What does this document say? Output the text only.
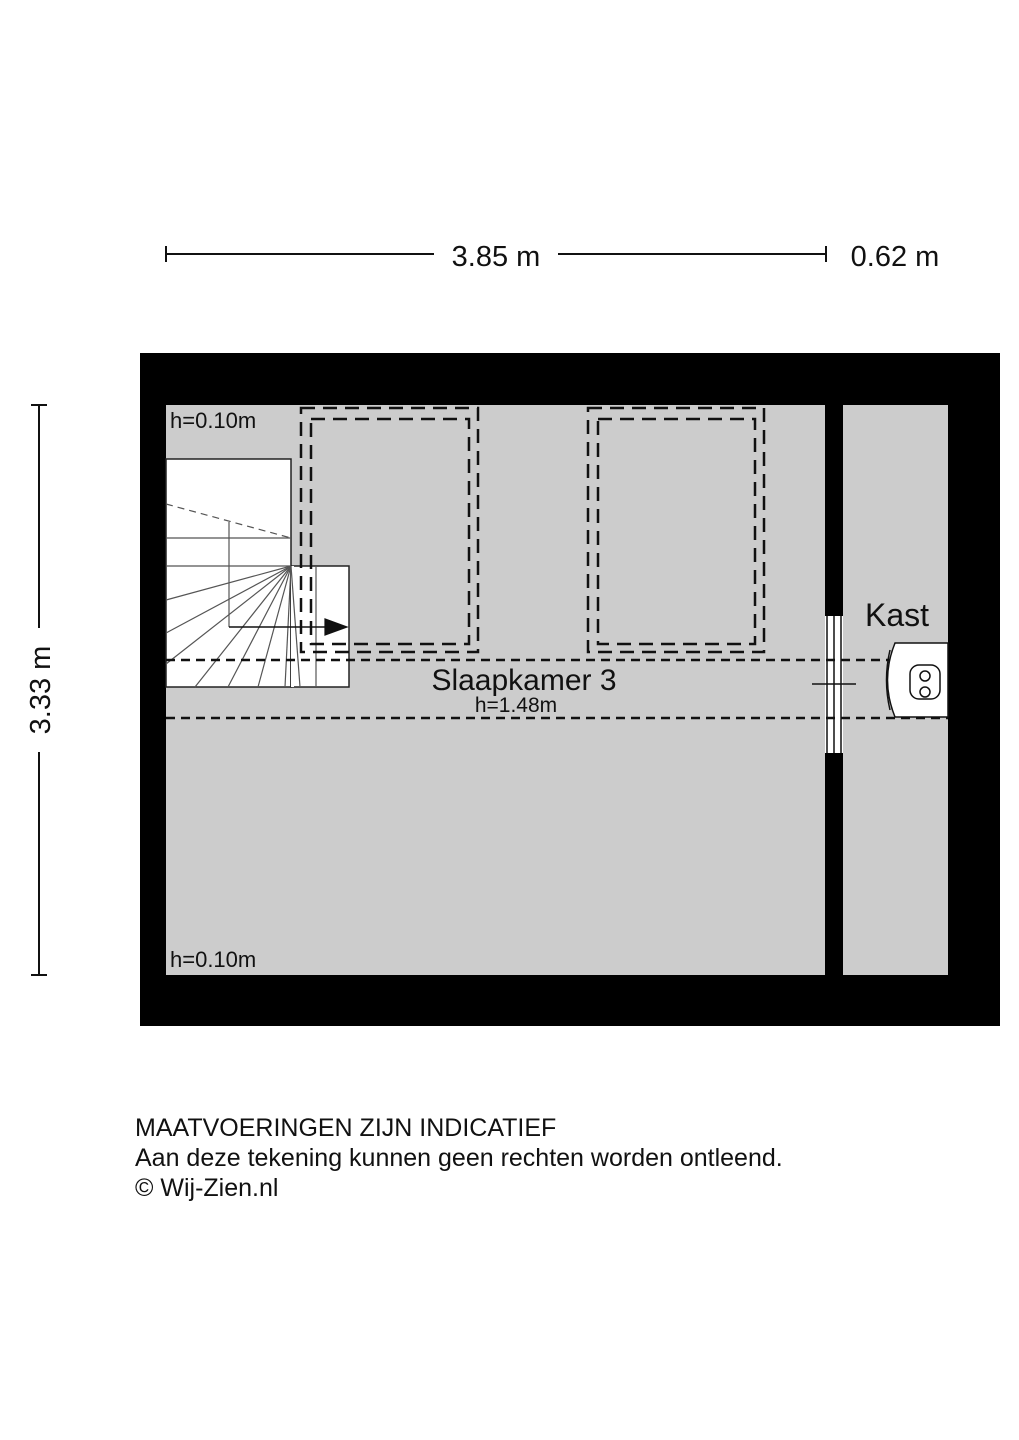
3.85 m	0.62 m
3.33 m
h=0.10m
h=0.10m
Slaapkamer 3
h=1.48m
Kast
MAATVOERINGEN ZIJN INDICATIEF
Aan deze tekening kunnen geen rechten worden ontleend.
© Wij-Zien.nl
